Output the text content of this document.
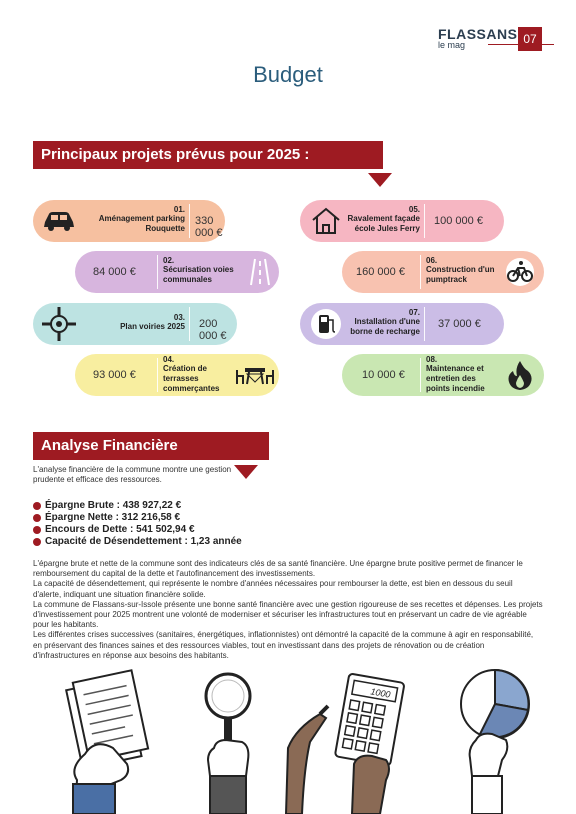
FLASSANS
le mag	07
Budget
Principaux projets prévus pour 2025 :
01.
Aménagement parking Rouquette
330 000 €
84 000 €
02.
Sécurisation voies communales
03.
Plan voiries 2025 200 000 €
93 000 €
04.
Création de terrasses commerçantes
05.
Ravalement façade école Jules Ferry
100 000 €
160 000 €
06.
Construction d'un pumptrack
07.
Installation d'une borne de recharge
37 000 €
10 000 €
08.
Maintenance et entretien des points incendie
Analyse Financière
L'analyse financière de la commune montre une gestion prudente et efficace des ressources.
Épargne Brute : 438 927,22 €
Épargne Nette : 312 216,58 €
Encours de Dette : 541 502,94 €
Capacité de Désendettement : 1,23 année

L'épargne brute et nette de la commune sont des indicateurs clés de sa santé financière. Une épargne brute positive permet de financer le remboursement du capital de la dette et l'autofinancement des investissements.

La capacité de désendettement, qui représente le nombre d'années nécessaires pour rembourser la dette, est bien en dessous du seuil d'alerte, indiquant une situation financière solide.

La commune de Flassans-sur-Issole présente une bonne santé financière avec une gestion rigoureuse de ses recettes et dépenses. Les projets d'investissement pour 2025 montrent une volonté de moderniser et sécuriser les infrastructures tout en préservant un cadre de vie agréable pour les habitants.

Les différentes crises successives (sanitaires, énergétiques, inflationnistes) ont démontré la capacité de la commune à agir en responsabilité, en préservant des finances saines et des ressources viables, tout en investissant dans des projets de rénovation ou de création d'infrastructures en réponse aux besoins des habitants.

1000
